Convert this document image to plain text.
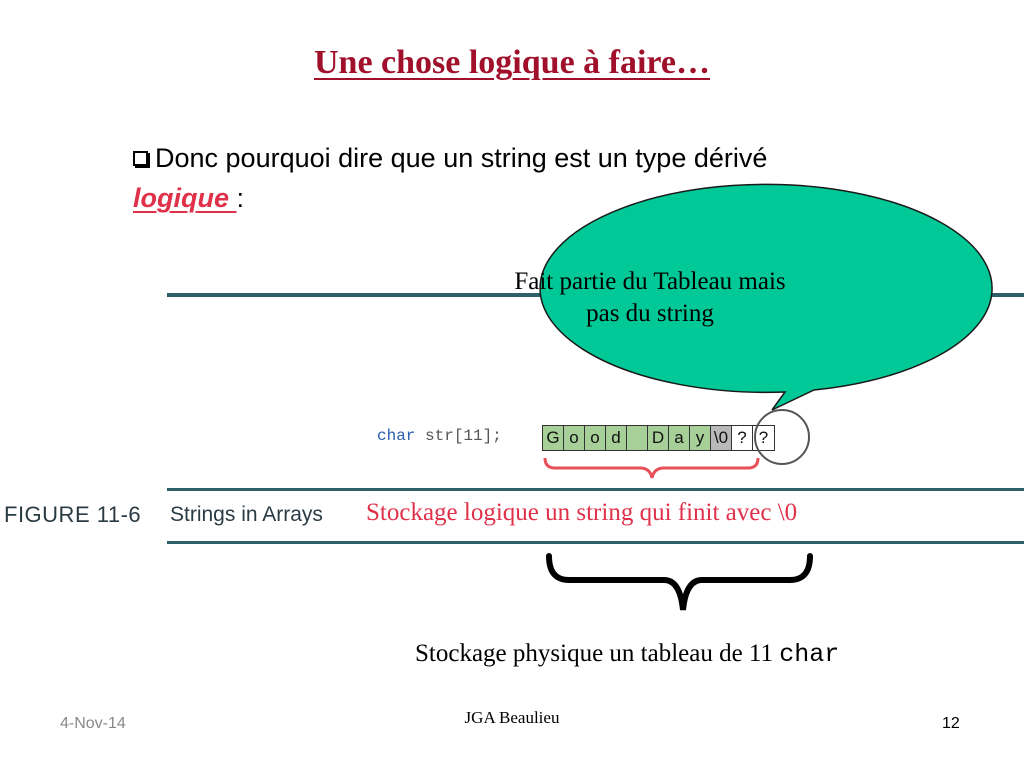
Une chose logique à faire…
Donc pourquoi dire que un string est un type dérivé
logique :
Fait partie du Tableau mais pas du string
char str[11];	G o o d	D a y \0 ? ?
FIGURE 11-6 Strings in Arrays Stockage logique un string qui finit avec \0
Stockage physique un tableau de 11 char
4-Nov-14	JGA Beaulieu	12
